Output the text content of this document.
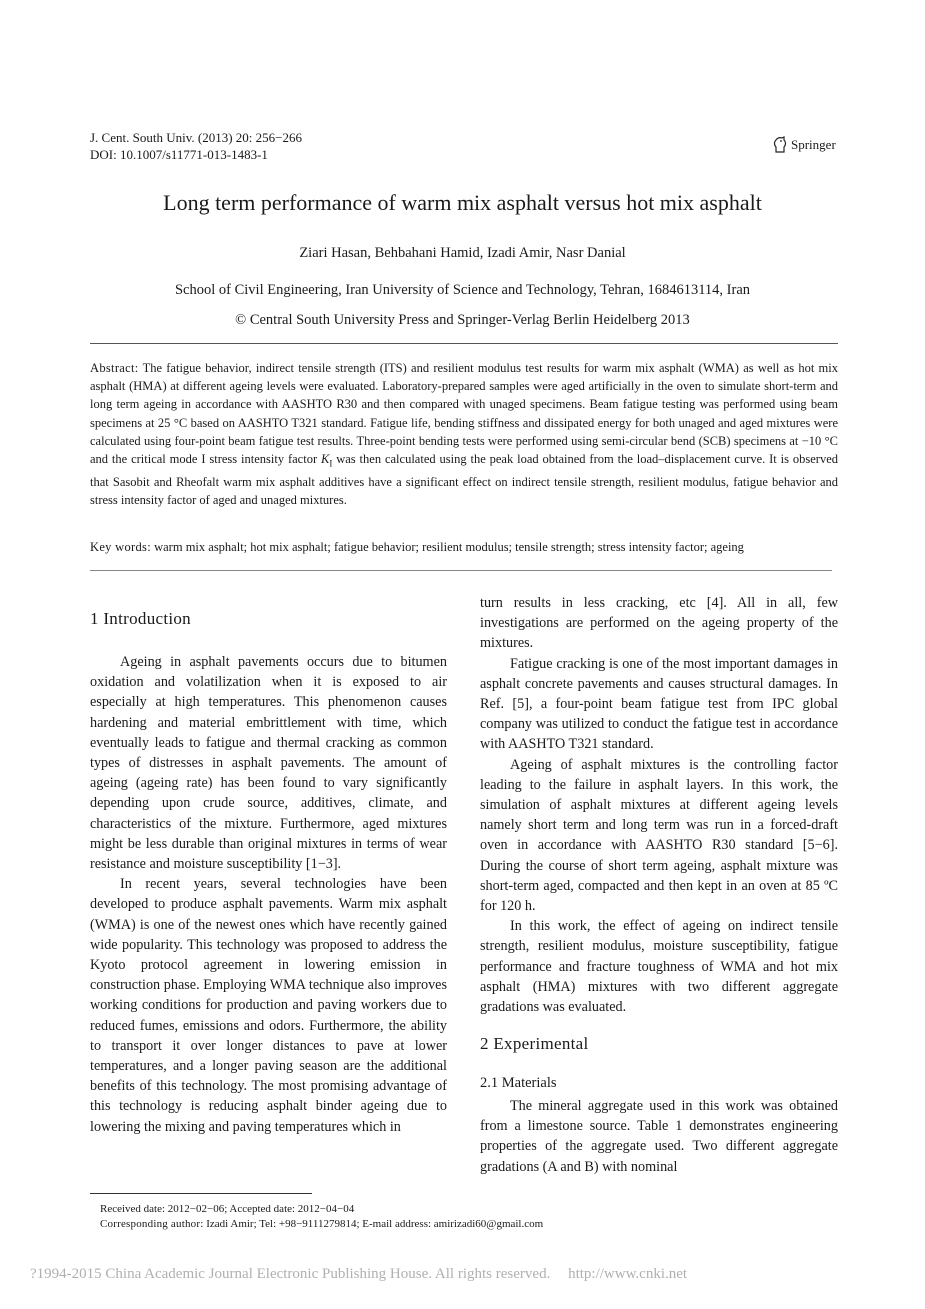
J. Cent. South Univ. (2013) 20: 256−266
DOI: 10.1007/s11771-013-1483-1
Springer
Long term performance of warm mix asphalt versus hot mix asphalt
Ziari Hasan, Behbahani Hamid, Izadi Amir, Nasr Danial
School of Civil Engineering, Iran University of Science and Technology, Tehran, 1684613114, Iran
© Central South University Press and Springer-Verlag Berlin Heidelberg 2013
Abstract: The fatigue behavior, indirect tensile strength (ITS) and resilient modulus test results for warm mix asphalt (WMA) as well as hot mix asphalt (HMA) at different ageing levels were evaluated. Laboratory-prepared samples were aged artificially in the oven to simulate short-term and long term ageing in accordance with AASHTO R30 and then compared with unaged specimens. Beam fatigue testing was performed using beam specimens at 25 °C based on AASHTO T321 standard. Fatigue life, bending stiffness and dissipated energy for both unaged and aged mixtures were calculated using four-point beam fatigue test results. Three-point bending tests were performed using semi-circular bend (SCB) specimens at −10 °C and the critical mode I stress intensity factor $K_I$ was then calculated using the peak load obtained from the load–displacement curve. It is observed that Sasobit and Rheofalt warm mix asphalt additives have a significant effect on indirect tensile strength, resilient modulus, fatigue behavior and stress intensity factor of aged and unaged mixtures.
Key words: warm mix asphalt; hot mix asphalt; fatigue behavior; resilient modulus; tensile strength; stress intensity factor; ageing
1 Introduction

Ageing in asphalt pavements occurs due to bitumen oxidation and volatilization when it is exposed to air especially at high temperatures. This phenomenon causes hardening and material embrittlement with time, which eventually leads to fatigue and thermal cracking as common types of distresses in asphalt pavements. The amount of ageing (ageing rate) has been found to vary significantly depending upon crude source, additives, climate, and characteristics of the mixture. Furthermore, aged mixtures might be less durable than original mixtures in terms of wear resistance and moisture susceptibility [1−3].

In recent years, several technologies have been developed to produce asphalt pavements. Warm mix asphalt (WMA) is one of the newest ones which have recently gained wide popularity. This technology was proposed to address the Kyoto protocol agreement in lowering emission in construction phase. Employing WMA technique also improves working conditions for production and paving workers due to reduced fumes, emissions and odors. Furthermore, the ability to transport it over longer distances to pave at lower temperatures, and a longer paving season are the additional benefits of this technology. The most promising advantage of this technology is reducing asphalt binder ageing due to lowering the mixing and paving temperatures which in

turn results in less cracking, etc [4]. All in all, few investigations are performed on the ageing property of the mixtures.

Fatigue cracking is one of the most important damages in asphalt concrete pavements and causes structural damages. In Ref. [5], a four-point beam fatigue test from IPC global company was utilized to conduct the fatigue test in accordance with AASHTO T321 standard.

Ageing of asphalt mixtures is the controlling factor leading to the failure in asphalt layers. In this work, the simulation of asphalt mixtures at different ageing levels namely short term and long term was run in a forced-draft oven in accordance with AASHTO R30 standard [5−6]. During the course of short term ageing, asphalt mixture was short-term aged, compacted and then kept in an oven at 85 ºC for 120 h.

In this work, the effect of ageing on indirect tensile strength, resilient modulus, moisture susceptibility, fatigue performance and fracture toughness of WMA and hot mix asphalt (HMA) mixtures with two different aggregate gradations was evaluated.

2 Experimental
2.1 Materials

The mineral aggregate used in this work was obtained from a limestone source. Table 1 demonstrates engineering properties of the aggregate used. Two different aggregate gradations (A and B) with nominal

Received date: 2012−02−06; Accepted date: 2012−04−04
Corresponding author: Izadi Amir; Tel: +98−9111279814; E-mail address: amirizadi60@gmail.com
?1994-2015 China Academic Journal Electronic Publishing House. All rights reserved. http://www.cnki.net
